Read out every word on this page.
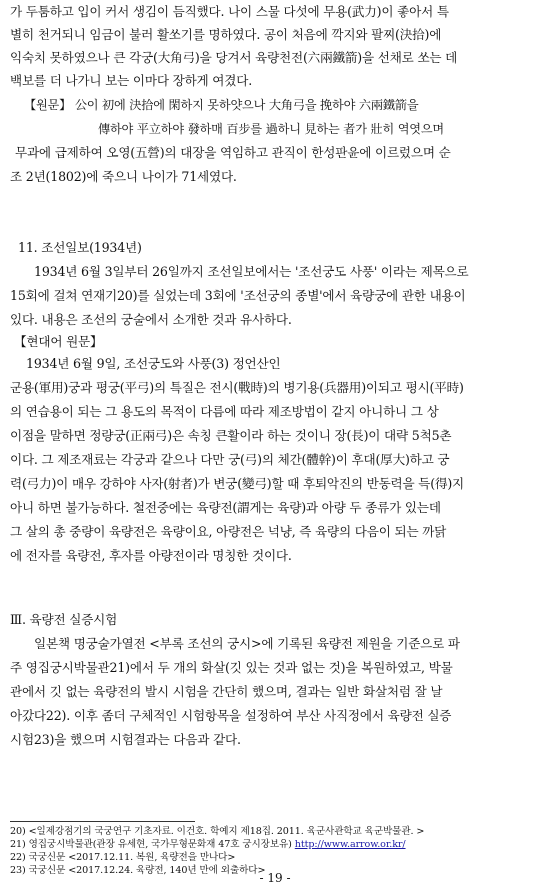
가 두툼하고 입이 커서 생김이 듬직했다. 나이 스물 다섯에 무용(武力)이 좋아서 특
별히 천거되니 임금이 불러 활쏘기를 명하였다. 공이 처음에 깍지와 팔찌(決拾)에
익숙치 못하였으나 큰 각궁(大角弓)을 당겨서 육량천전(六兩鐵箭)을 선채로 쏘는 데
백보를 더 나가니 보는 이마다 장하게 여겼다.
【원문】 公이 初에 決拾에 閑하지 못하얏으나 大角弓을 挽하야 六兩鐵箭을
傳하야 平立하야 發하매 百步를 過하니 見하는 者가 壯히 역엿으며
무과에 급제하여 오영(五營)의 대장을 역임하고 관직이 한성판윤에 이르렀으며 순
조 2년(1802)에 죽으니 나이가 71세였다.
11. 조선일보(1934년)
1934년 6월 3일부터 26일까지 조선일보에서는 '조선궁도 사풍' 이라는 제목으로
15회에 걸쳐 연재기20)를 실었는데 3회에 '조선궁의 종별'에서 육량궁에 관한 내용이
있다. 내용은 조선의 궁술에서 소개한 것과 유사하다.
【현대어 원문】
1934년 6월 9일, 조선궁도와 사풍(3) 정언산인
군용(軍用)궁과 평궁(平弓)의 특질은 전시(戰時)의 병기용(兵器用)이되고 평시(平時)
의 연습용이 되는 그 용도의 목적이 다름에 따라 제조방법이 같지 아니하니 그 상
이점을 말하면 정량궁(正兩弓)은 속칭 큰활이라 하는 것이니 장(長)이 대략 5척5촌
이다. 그 제조재료는 각궁과 같으나 다만 궁(弓)의 체간(體幹)이 후대(厚大)하고 궁
력(弓力)이 매우 강하야 사자(射者)가 변궁(變弓)할 때 후퇴악진의 반동력을 득(得)지
아니 하면 불가능하다. 철전중에는 육량전(謂게는 육량)과 아량 두 종류가 있는데
그 살의 총 중량이 육량전은 육량이요, 아량전은 넉냥, 즉 육량의 다음이 되는 까닭
에 전자를 육량전, 후자를 아량전이라 명칭한 것이다.
Ⅲ. 육량전 실증시험
일본책 명궁술가열전 <부록 조선의 궁시>에 기록된 육량전 제원을 기준으로 파
주 영집궁시박물관21)에서 두 개의 화살(깃 있는 것과 없는 것)을 복원하였고, 박물
관에서 깃 없는 육량전의 발시 시험을 간단히 했으며, 결과는 일반 화살처럼 잘 날
아갔다22). 이후 좀더 구체적인 시험항목을 설정하여 부산 사직정에서 육량전 실증
시험23)을 했으며 시험결과는 다음과 같다.
20) <일제강점기의 국궁연구 기초자료. 이건호. 학예지 제18집. 2011. 육군사관학교 육군박물관. >
21) 영집궁시박물관(관장 유세현, 국가무형문화재 47호 궁시장보유) http://www.arrow.or.kr/
22) 국궁신문 <2017.12.11. 복원, 육량전을 만나다>
23) 국궁신문 <2017.12.24. 육량전, 140년 만에 외출하다>
- 19 -
